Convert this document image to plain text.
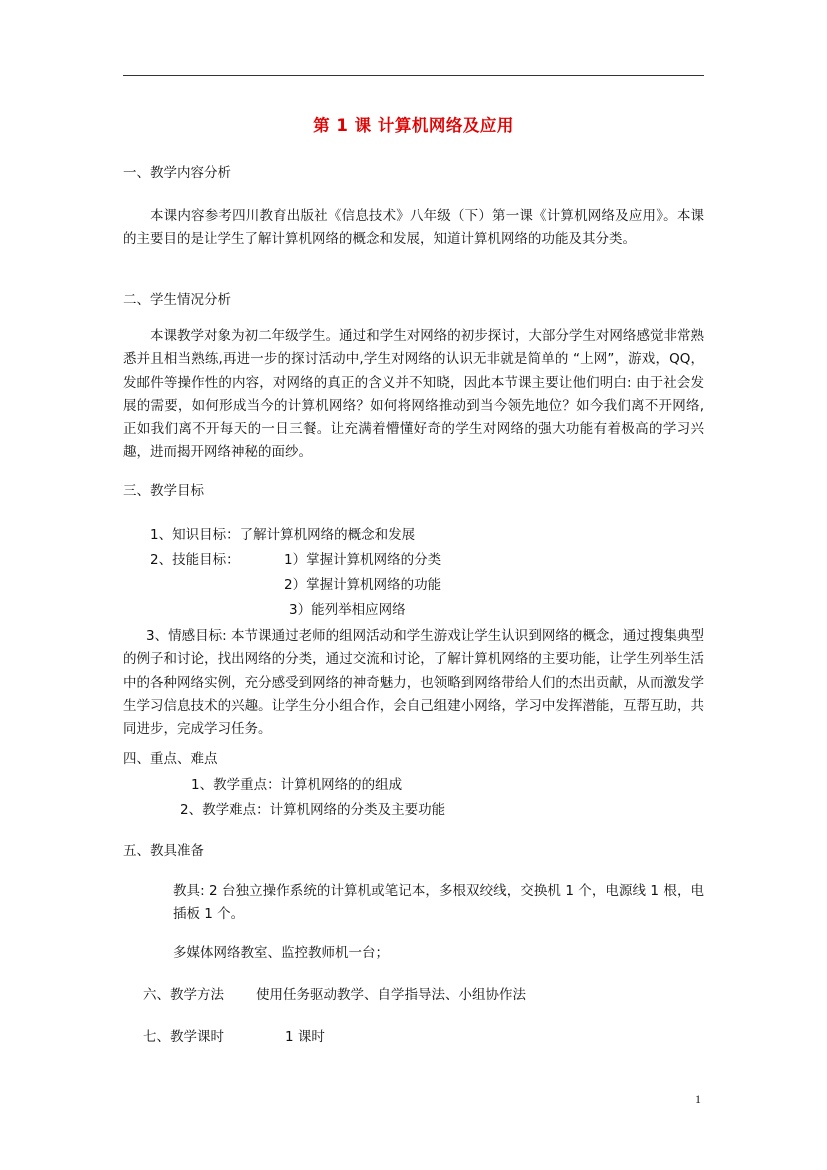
第 1 课 计算机网络及应用
一、教学内容分析
本课内容参考四川教育出版社《信息技术》八年级（下）第一课《计算机网络及应用》。本课的主要目的是让学生了解计算机网络的概念和发展，知道计算机网络的功能及其分类。
二、学生情况分析
本课教学对象为初二年级学生。通过和学生对网络的初步探讨，大部分学生对网络感觉非常熟悉并且相当熟练,再进一步的探讨活动中,学生对网络的认识无非就是简单的 “上网”，游戏，QQ，发邮件等操作性的内容，对网络的真正的含义并不知晓，因此本节课主要让他们明白: 由于社会发展的需要，如何形成当今的计算机网络？如何将网络推动到当今领先地位？如今我们离不开网络,正如我们离不开每天的一日三餐。让充满着懵懂好奇的学生对网络的强大功能有着极高的学习兴趣，进而揭开网络神秘的面纱。
三、教学目标
1、知识目标：了解计算机网络的概念和发展
2、技能目标：	1）掌握计算机网络的分类
2）掌握计算机网络的功能
3）能列举相应网络
3、情感目标: 本节课通过老师的组网活动和学生游戏让学生认识到网络的概念，通过搜集典型的例子和讨论，找出网络的分类，通过交流和讨论，了解计算机网络的主要功能，让学生列举生活中的各种网络实例，充分感受到网络的神奇魅力，也领略到网络带给人们的杰出贡献，从而激发学生学习信息技术的兴趣。让学生分小组合作，会自己组建小网络，学习中发挥潜能，互帮互助，共同进步，完成学习任务。
四、重点、难点
1、教学重点：计算机网络的的组成
2、教学难点：计算机网络的分类及主要功能
五、教具准备
教具: 2 台独立操作系统的计算机或笔记本，多根双绞线，交换机 1 个，电源线 1 根，电插板 1 个。
多媒体网络教室、监控教师机一台；
六、教学方法 使用任务驱动教学、自学指导法、小组协作法
七、教学课时	1 课时
1
